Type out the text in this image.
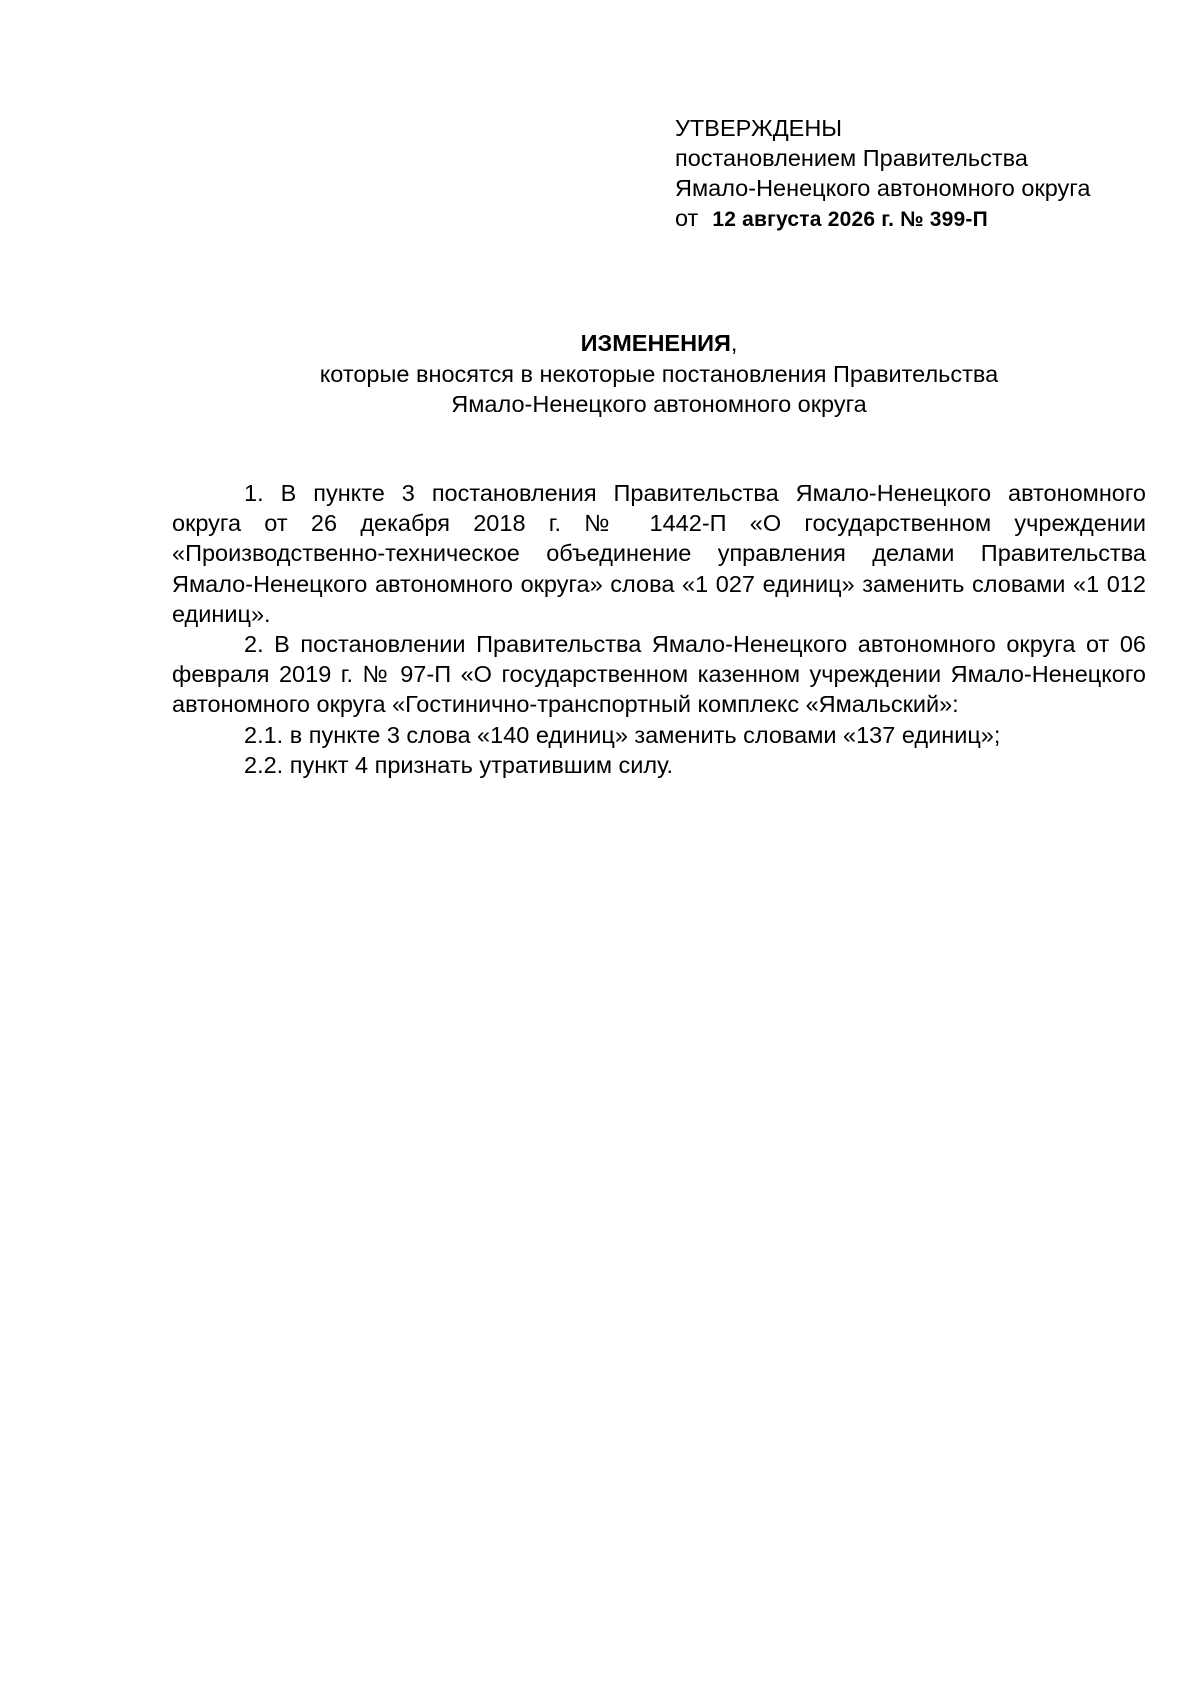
УТВЕРЖДЕНЫ

постановлением Правительства

Ямало-Ненецкого автономного округа

от 12 августа 2026 г. № 399-П

ИЗМЕНЕНИЯ,

которые вносятся в некоторые постановления Правительства

Ямало-Ненецкого автономного округа

1. В пункте 3 постановления Правительства Ямало-Ненецкого автономного округа от 26 декабря 2018 г. № 1442-П «О государственном учреждении «Производственно-техническое объединение управления делами Правительства Ямало-Ненецкого автономного округа» слова «1 027 единиц» заменить словами «1 012 единиц».

2. В постановлении Правительства Ямало-Ненецкого автономного округа от 06 февраля 2019 г. № 97-П «О государственном казенном учреждении Ямало-Ненецкого автономного округа «Гостинично-транспортный комплекс «Ямальский»:

2.1. в пункте 3 слова «140 единиц» заменить словами «137 единиц»;

2.2. пункт 4 признать утратившим силу.
